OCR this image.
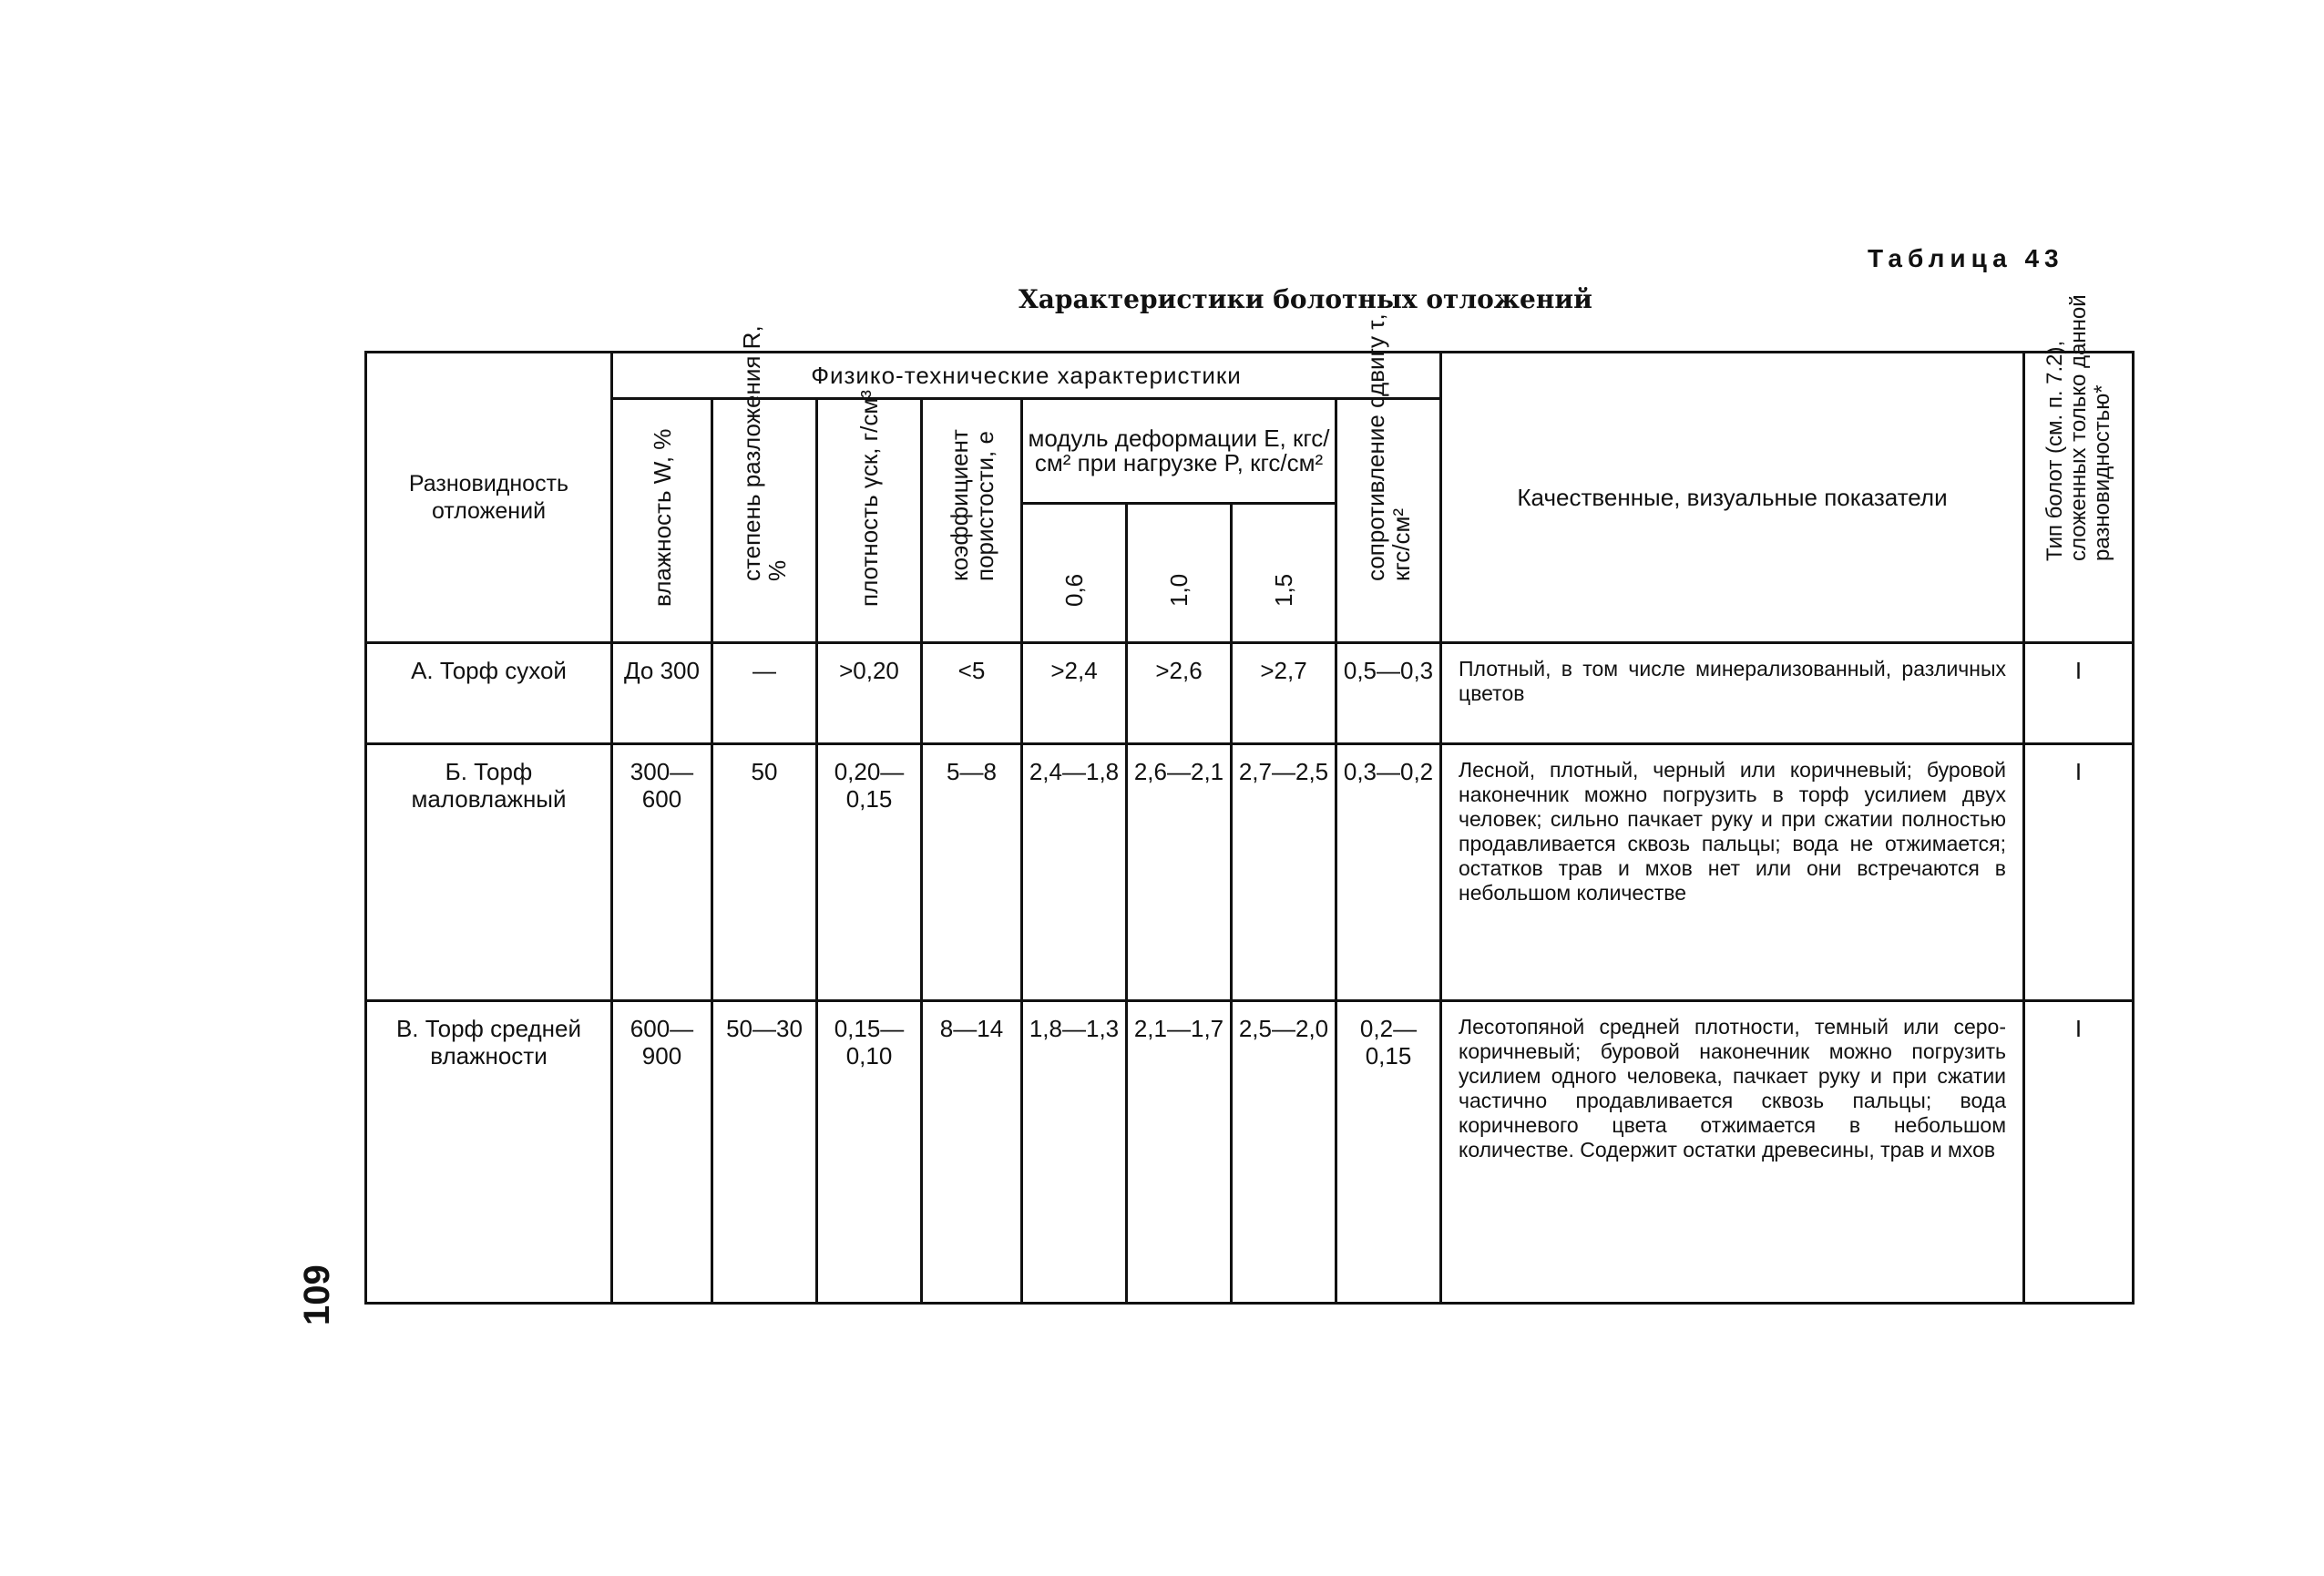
Таблица 43
Характеристики болотных отложений
109
Разновидность отложений	Физико-технические характеристики								Качественные, визуальные показатели	Тип болот (см. п. 7.2), сложенных только данной разновидностью*

	влажность W, %	степень разложения R, %	плотность γск, г/см³	коэффициент пористости, e	модуль деформации E, кгс/см² при нагрузке P, кгс/см²			сопротивление сдвигу τ, кгс/см²		

					0,6	1,0	1,5			

А. Торф сухой	До 300	—	>0,20	<5	>2,4	>2,6	>2,7	0,5—0,3	Плотный, в том числе минерализованный, различных цветов	I
Б. Торф маловлажный	300—600	50	0,20—0,15	5—8	2,4—1,8	2,6—2,1	2,7—2,5	0,3—0,2	Лесной, плотный, черный или коричневый; буровой наконечник можно погрузить в торф усилием двух человек; сильно пачкает руку и при сжатии полностью продавливается сквозь пальцы; вода не отжимается; остатков трав и мхов нет или они встречаются в небольшом количестве	I
В. Торф средней влажности	600—900	50—30	0,15—0,10	8—14	1,8—1,3	2,1—1,7	2,5—2,0	0,2—0,15	Лесотопяной средней плотности, темный или серо-коричневый; буровой наконечник можно погрузить усилием одного человека, пачкает руку и при сжатии частично продавливается сквозь пальцы; вода коричневого цвета отжимается в небольшом количестве. Содержит остатки древесины, трав и мхов	I
